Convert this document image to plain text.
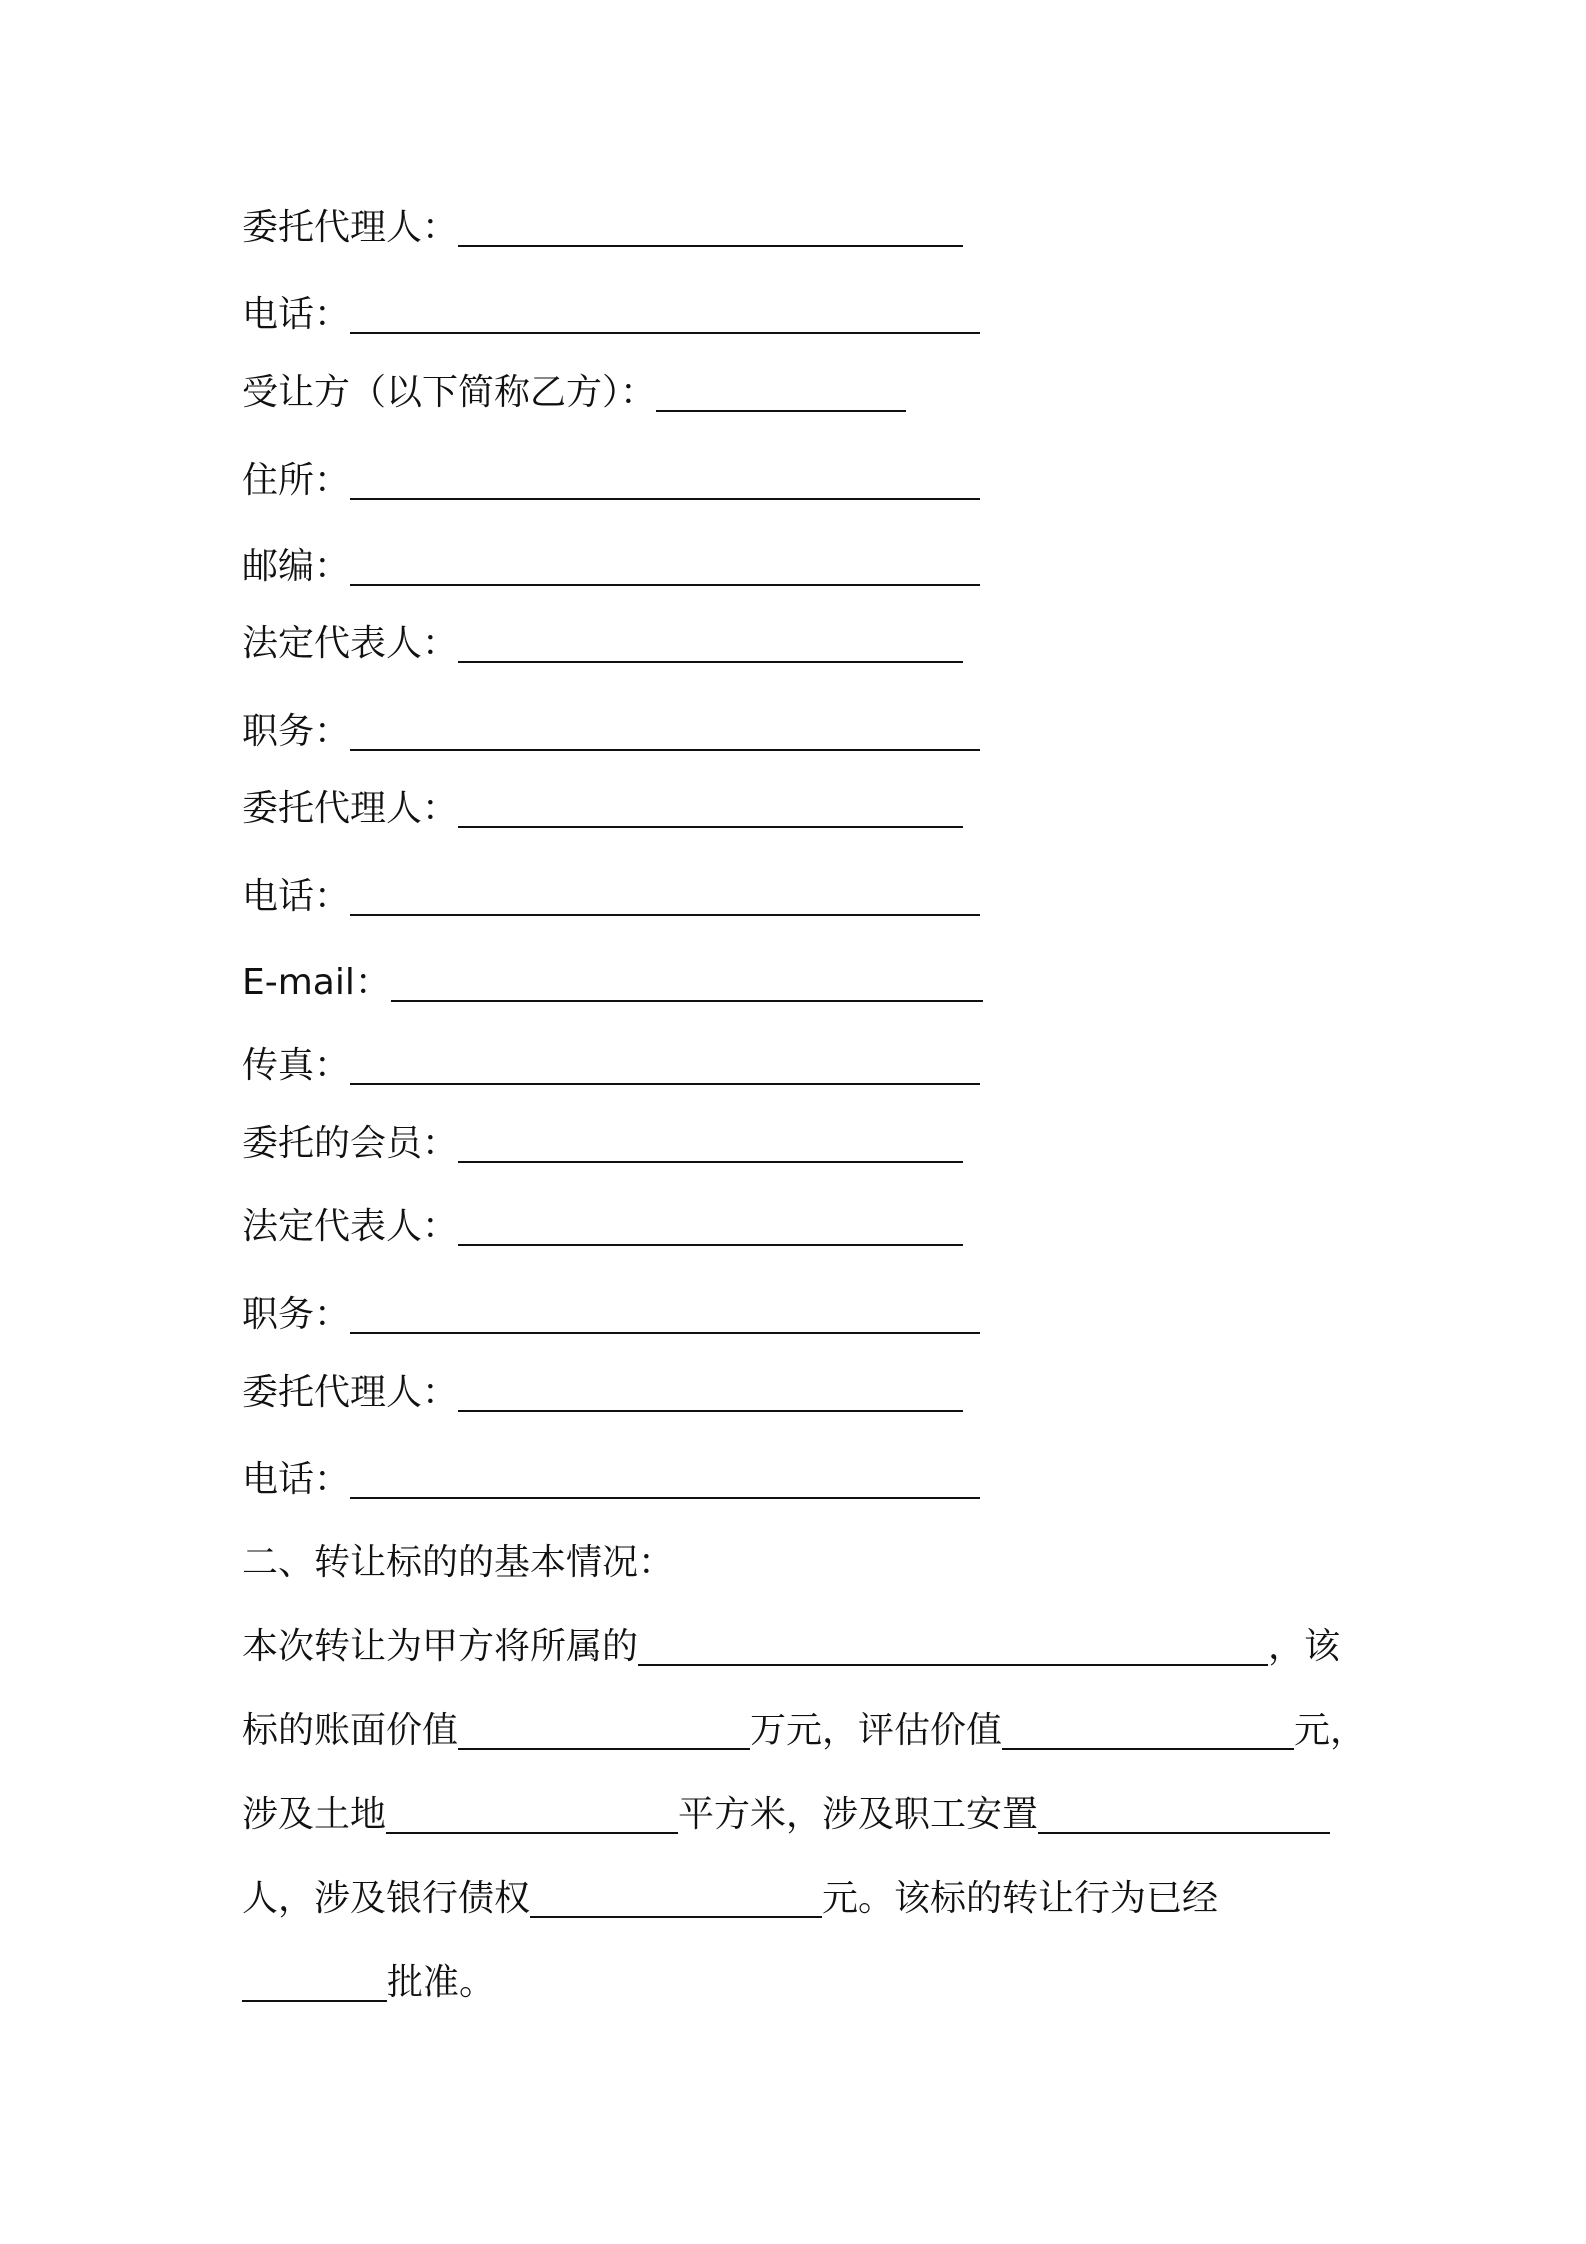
委托代理人：
电话：
受让方（以下简称乙方）：
住所：
邮编：
法定代表人：
职务：
委托代理人：
电话：
E-mail：
传真：
委托的会员：
法定代表人：
职务：
委托代理人：
电话：
二、转让标的的基本情况：
本次转让为甲方将所属的	，该
标的账面价值	万元，评估价值	元，
涉及土地	平方米，涉及职工安置
人，涉及银行债权	元。该标的转让行为已经
批准。
